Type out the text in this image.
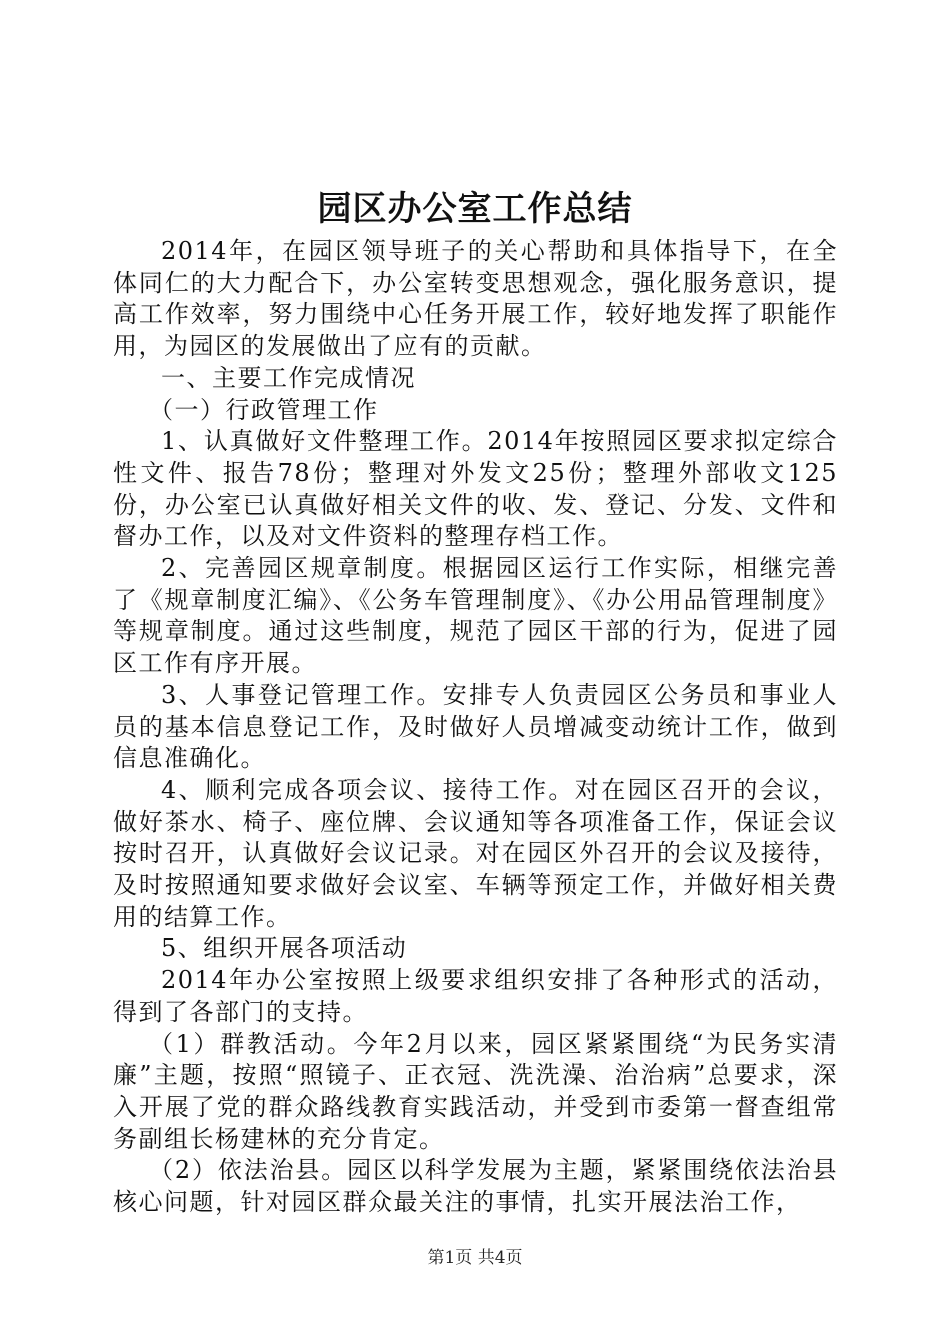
园区办公室工作总结

2014年，在园区领导班子的关心帮助和具体指导下，在全体同仁的大力配合下，办公室转变思想观念，强化服务意识，提高工作效率，努力围绕中心任务开展工作，较好地发挥了职能作用，为园区的发展做出了应有的贡献。

一、主要工作完成情况

（一）行政管理工作

1、认真做好文件整理工作。2014年按照园区要求拟定综合性文件、报告78份；整理对外发文25份；整理外部收文125份，办公室已认真做好相关文件的收、发、登记、分发、文件和督办工作，以及对文件资料的整理存档工作。

2、完善园区规章制度。根据园区运行工作实际，相继完善了《规章制度汇编》、《公务车管理制度》、《办公用品管理制度》等规章制度。通过这些制度，规范了园区干部的行为，促进了园区工作有序开展。

3、人事登记管理工作。安排专人负责园区公务员和事业人员的基本信息登记工作，及时做好人员增减变动统计工作，做到信息准确化。

4、顺利完成各项会议、接待工作。对在园区召开的会议，做好茶水、椅子、座位牌、会议通知等各项准备工作，保证会议按时召开，认真做好会议记录。对在园区外召开的会议及接待，及时按照通知要求做好会议室、车辆等预定工作，并做好相关费用的结算工作。

5、组织开展各项活动

2014年办公室按照上级要求组织安排了各种形式的活动，得到了各部门的支持。

（1）群教活动。今年2月以来，园区紧紧围绕“为民务实清廉”主题，按照“照镜子、正衣冠、洗洗澡、治治病”总要求，深入开展了党的群众路线教育实践活动，并受到市委第一督查组常务副组长杨建林的充分肯定。

（2）依法治县。园区以科学发展为主题，紧紧围绕依法治县核心问题，针对园区群众最关注的事情，扎实开展法治工作，

第1页 共4页
